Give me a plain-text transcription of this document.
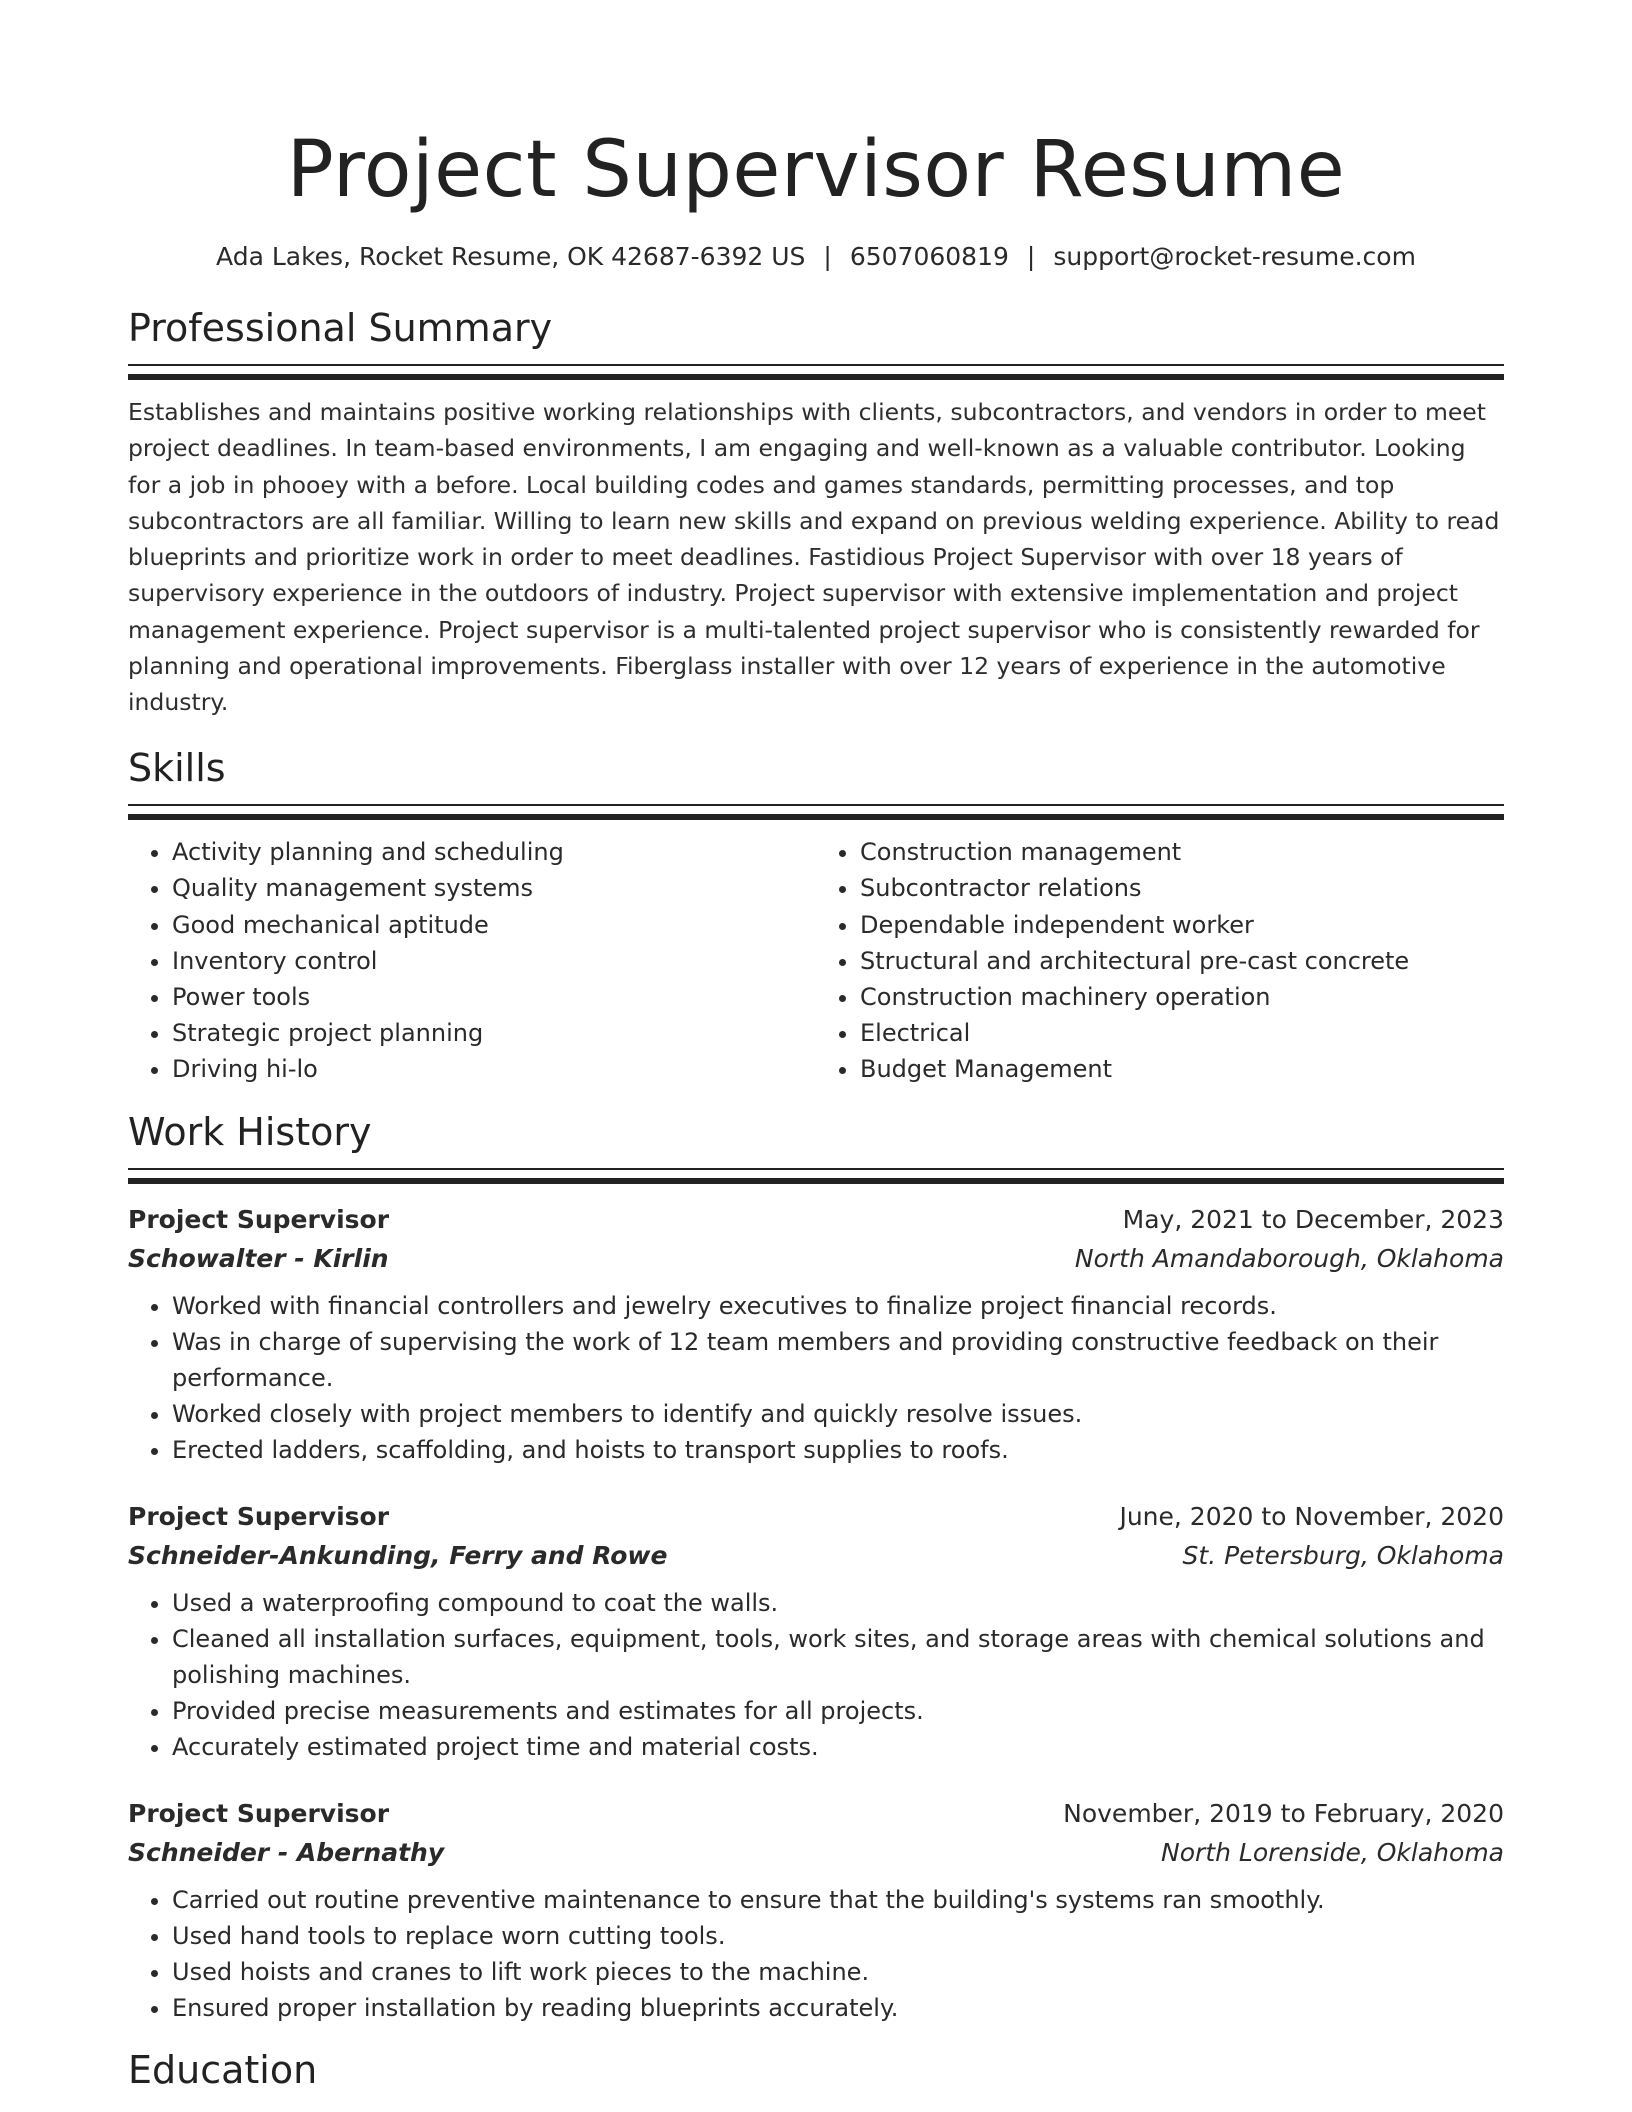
Project Supervisor Resume
Ada Lakes, Rocket Resume, OK 42687-6392 US | 6507060819 | support@rocket-resume.com
Professional Summary

Establishes and maintains positive working relationships with clients, subcontractors, and vendors in order to meet project deadlines. In team-based environments, I am engaging and well-known as a valuable contributor. Looking for a job in phooey with a before. Local building codes and games standards, permitting processes, and top subcontractors are all familiar. Willing to learn new skills and expand on previous welding experience. Ability to read blueprints and prioritize work in order to meet deadlines. Fastidious Project Supervisor with over 18 years of supervisory experience in the outdoors of industry. Project supervisor with extensive implementation and project management experience. Project supervisor is a multi-talented project supervisor who is consistently rewarded for planning and operational improvements. Fiberglass installer with over 12 years of experience in the automotive industry.

Skills
• Activity planning and scheduling
• Quality management systems
• Good mechanical aptitude
• Inventory control
• Power tools
• Strategic project planning
• Driving hi-lo
• Construction management
• Subcontractor relations
• Dependable independent worker
• Structural and architectural pre-cast concrete
• Construction machinery operation
• Electrical
• Budget Management
Work History
Project Supervisor	May, 2021 to December, 2023
Schowalter - Kirlin	North Amandaborough, Oklahoma
• Worked with financial controllers and jewelry executives to finalize project financial records.
• Was in charge of supervising the work of 12 team members and providing constructive feedback on their performance.
• Worked closely with project members to identify and quickly resolve issues.
• Erected ladders, scaffolding, and hoists to transport supplies to roofs.
Project Supervisor	June, 2020 to November, 2020
Schneider-Ankunding, Ferry and Rowe	St. Petersburg, Oklahoma
• Used a waterproofing compound to coat the walls.
• Cleaned all installation surfaces, equipment, tools, work sites, and storage areas with chemical solutions and polishing machines.
• Provided precise measurements and estimates for all projects.
• Accurately estimated project time and material costs.
Project Supervisor	November, 2019 to February, 2020
Schneider - Abernathy	North Lorenside, Oklahoma
• Carried out routine preventive maintenance to ensure that the building's systems ran smoothly.
• Used hand tools to replace worn cutting tools.
• Used hoists and cranes to lift work pieces to the machine.
• Ensured proper installation by reading blueprints accurately.
Education
